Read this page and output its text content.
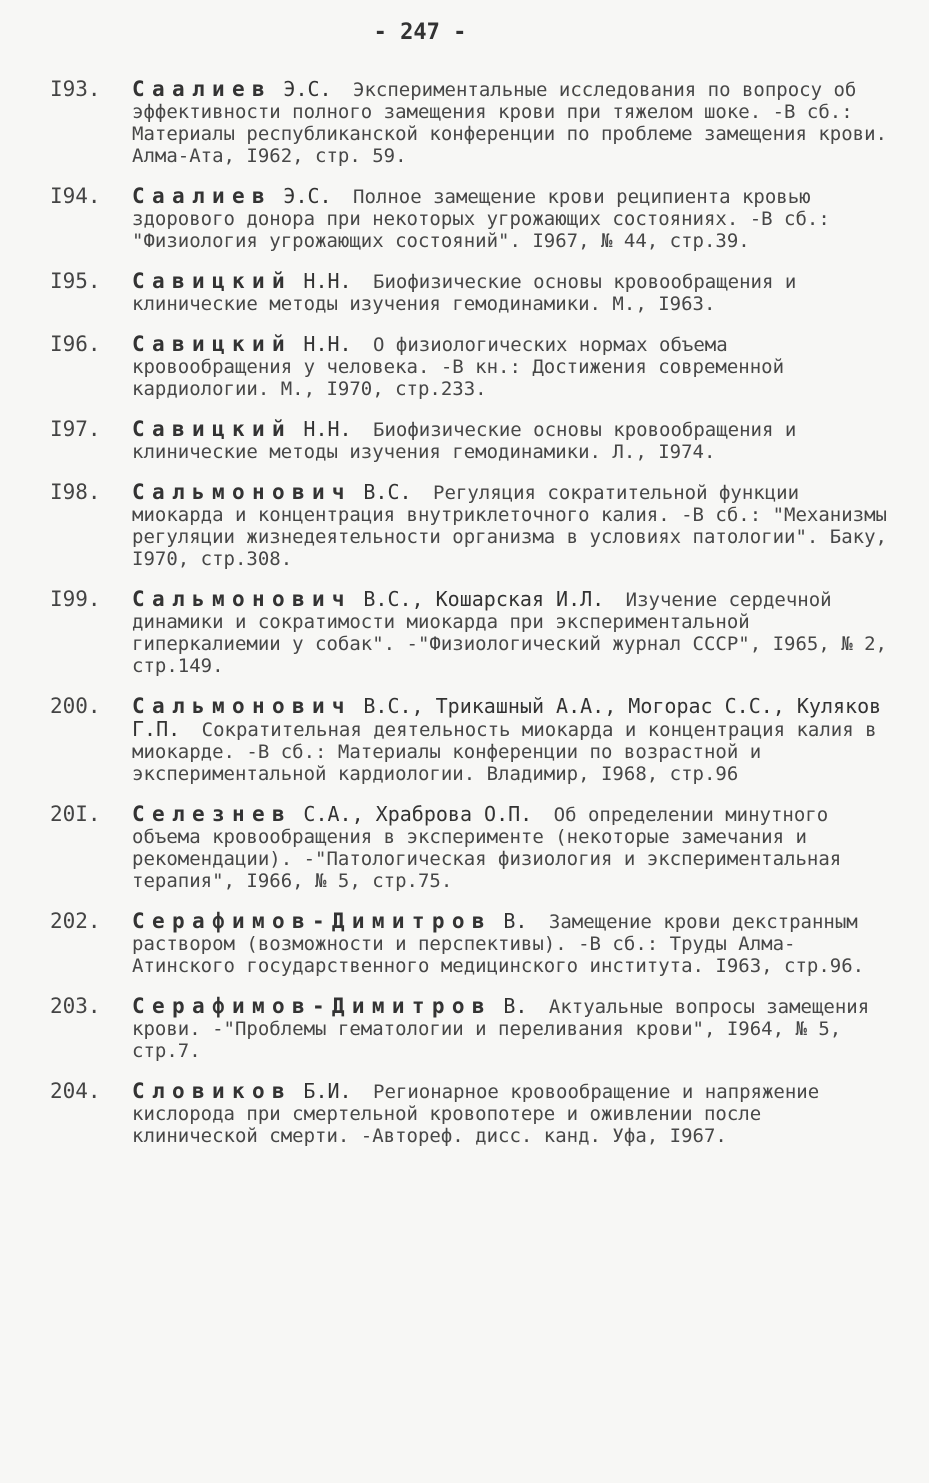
- 247 -
I93.	Саалиев Э.С. Экспериментальные исследования по вопросу об эффективности полного замещения крови при тяжелом шоке. -В сб.: Материалы республиканской конференции по проблеме замещения крови. Алма-Ата, I962, стр. 59.
I94.	Саалиев Э.С. Полное замещение крови реципиента кровью здорового донора при некоторых угрожающих состояниях. -В сб.: "Физиология угрожающих состояний". I967, № 44, стр.39.
I95.	Савицкий Н.Н. Биофизические основы кровообращения и клинические методы изучения гемодинамики. М., I963.
I96.	Савицкий Н.Н. О физиологических нормах объема кровообращения у человека. -В кн.: Достижения современной кардиологии. М., I970, стр.233.
I97.	Савицкий Н.Н. Биофизические основы кровообращения и клинические методы изучения гемодинамики. Л., I974.
I98.	Сальмонович В.С. Регуляция сократительной функции миокарда и концентрация внутриклеточного калия. -В сб.: "Механизмы регуляции жизнедеятельности организма в условиях патологии". Баку, I970, стр.308.
I99.	Сальмонович В.С., Кошарская И.Л. Изучение сердечной динамики и сократимости миокарда при экспериментальной гиперкалиемии у собак". -"Физиологический журнал СССР", I965, № 2, стр.149.
200.	Сальмонович В.С., Трикашный А.А., Могорас С.С., Куляков Г.П. Сократительная деятельность миокарда и концентрация калия в миокарде. -В сб.: Материалы конференции по возрастной и экспериментальной кардиологии. Владимир, I968, стр.96
20I.	Селезнев С.А., Храброва О.П. Об определении минутного объема кровообращения в эксперименте (некоторые замечания и рекомендации). -"Патологическая физиология и экспериментальная терапия", I966, № 5, стр.75.
202.	Серафимов-Димитров В. Замещение крови декстранным раствором (возможности и перспективы). -В сб.: Труды Алма-Атинского государственного медицинского института. I963, стр.96.
203.	Серафимов-Димитров В. Актуальные вопросы замещения крови. -"Проблемы гематологии и переливания крови", I964, № 5, стр.7.
204.	Словиков Б.И. Регионарное кровообращение и напряжение кислорода при смертельной кровопотере и оживлении после клинической смерти. -Автореф. дисс. канд. Уфа, I967.
